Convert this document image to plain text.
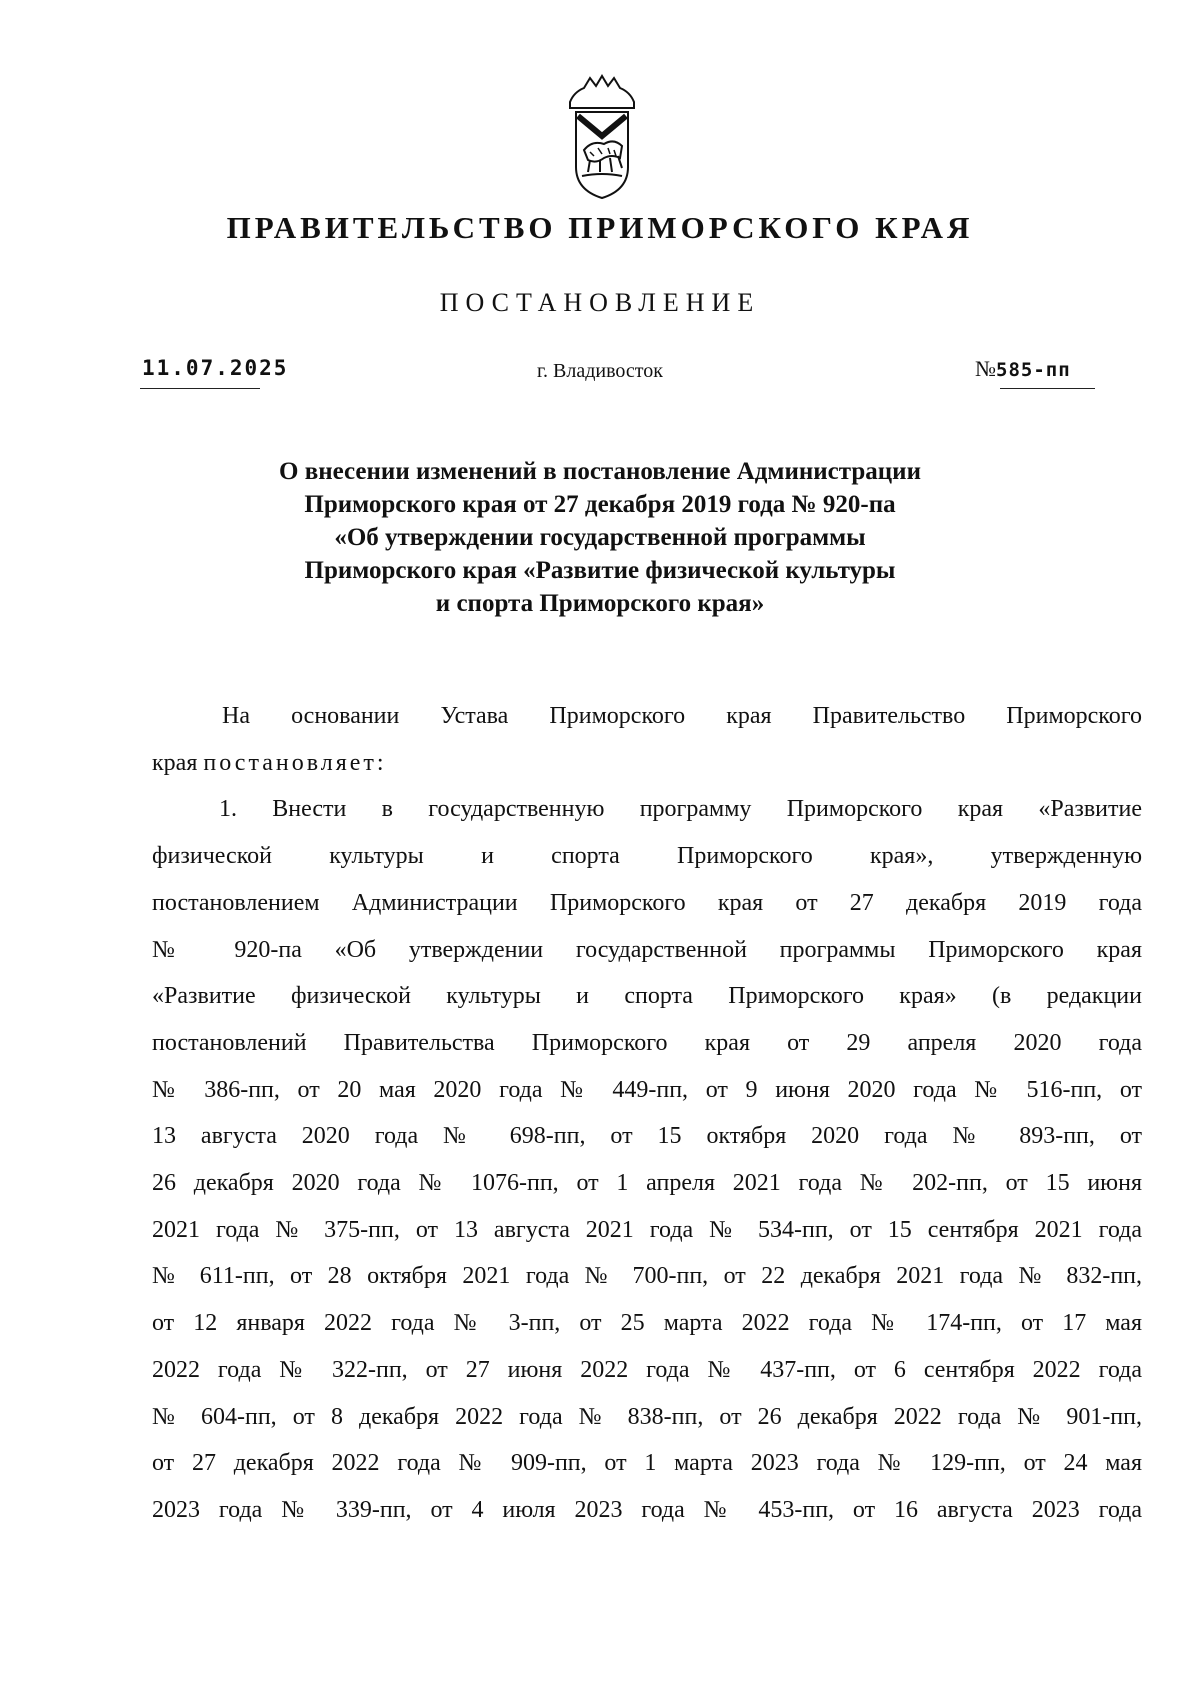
ПРАВИТЕЛЬСТВО ПРИМОРСКОГО КРАЯ
ПОСТАНОВЛЕНИЕ
11.07.2025	г. Владивосток	№585-пп
О внесении изменений в постановление Администрации
Приморского края от 27 декабря 2019 года № 920-па
«Об утверждении государственной программы
Приморского края «Развитие физической культуры
и спорта Приморского края»
На основании Устава Приморского края Правительство Приморского
края постановляет:
1. Внести в государственную программу Приморского края «Развитие
физической культуры и спорта Приморского края», утвержденную
постановлением Администрации Приморского края от 27 декабря 2019 года
№ 920-па «Об утверждении государственной программы Приморского края
«Развитие физической культуры и спорта Приморского края» (в редакции
постановлений Правительства Приморского края от 29 апреля 2020 года
№ 386-пп, от 20 мая 2020 года № 449-пп, от 9 июня 2020 года № 516-пп, от
13 августа 2020 года № 698-пп, от 15 октября 2020 года № 893-пп, от
26 декабря 2020 года № 1076-пп, от 1 апреля 2021 года № 202-пп, от 15 июня
2021 года № 375-пп, от 13 августа 2021 года № 534-пп, от 15 сентября 2021 года
№ 611-пп, от 28 октября 2021 года № 700-пп, от 22 декабря 2021 года № 832-пп,
от 12 января 2022 года № 3-пп, от 25 марта 2022 года № 174-пп, от 17 мая
2022 года № 322-пп, от 27 июня 2022 года № 437-пп, от 6 сентября 2022 года
№ 604-пп, от 8 декабря 2022 года № 838-пп, от 26 декабря 2022 года № 901-пп,
от 27 декабря 2022 года № 909-пп, от 1 марта 2023 года № 129-пп, от 24 мая
2023 года № 339-пп, от 4 июля 2023 года № 453-пп, от 16 августа 2023 года
